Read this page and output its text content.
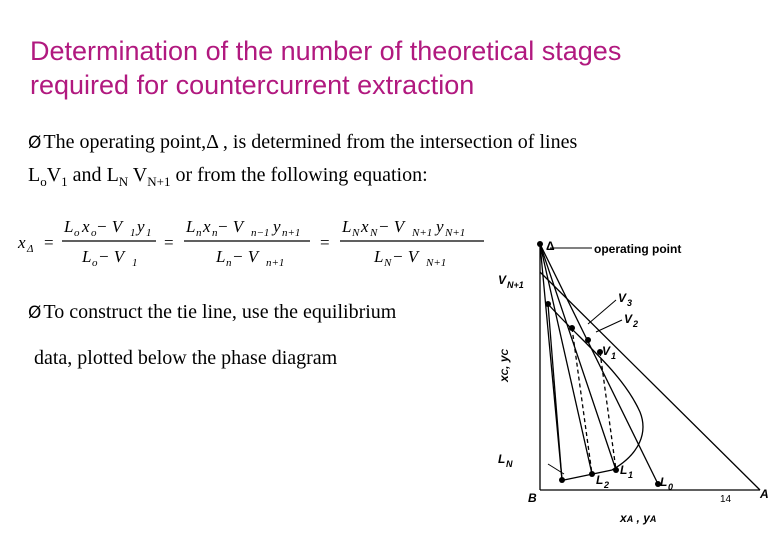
Determination of the number of theoretical stages
required for countercurrent extraction
Ø The operating point,Δ , is determined from the intersection of lines
$L_oV_1$ and $L_N$ $V_{N+1}$ or from the following equation:
x Δ =
L o x o − V 1 y 1
L o − V 1
=
L n x n − V n−1 y n+1
L n − V n+1
=
L N x N − V N+1 y N+1
L N − V N+1
Ø To construct the tie line, use the equilibrium
data, plotted below the phase diagram
Δ	operating point
V N+1
V 3
V 2
V 1
L N	L 1
L 2	L 0
B	A
xC, yC
xA , yA
14
